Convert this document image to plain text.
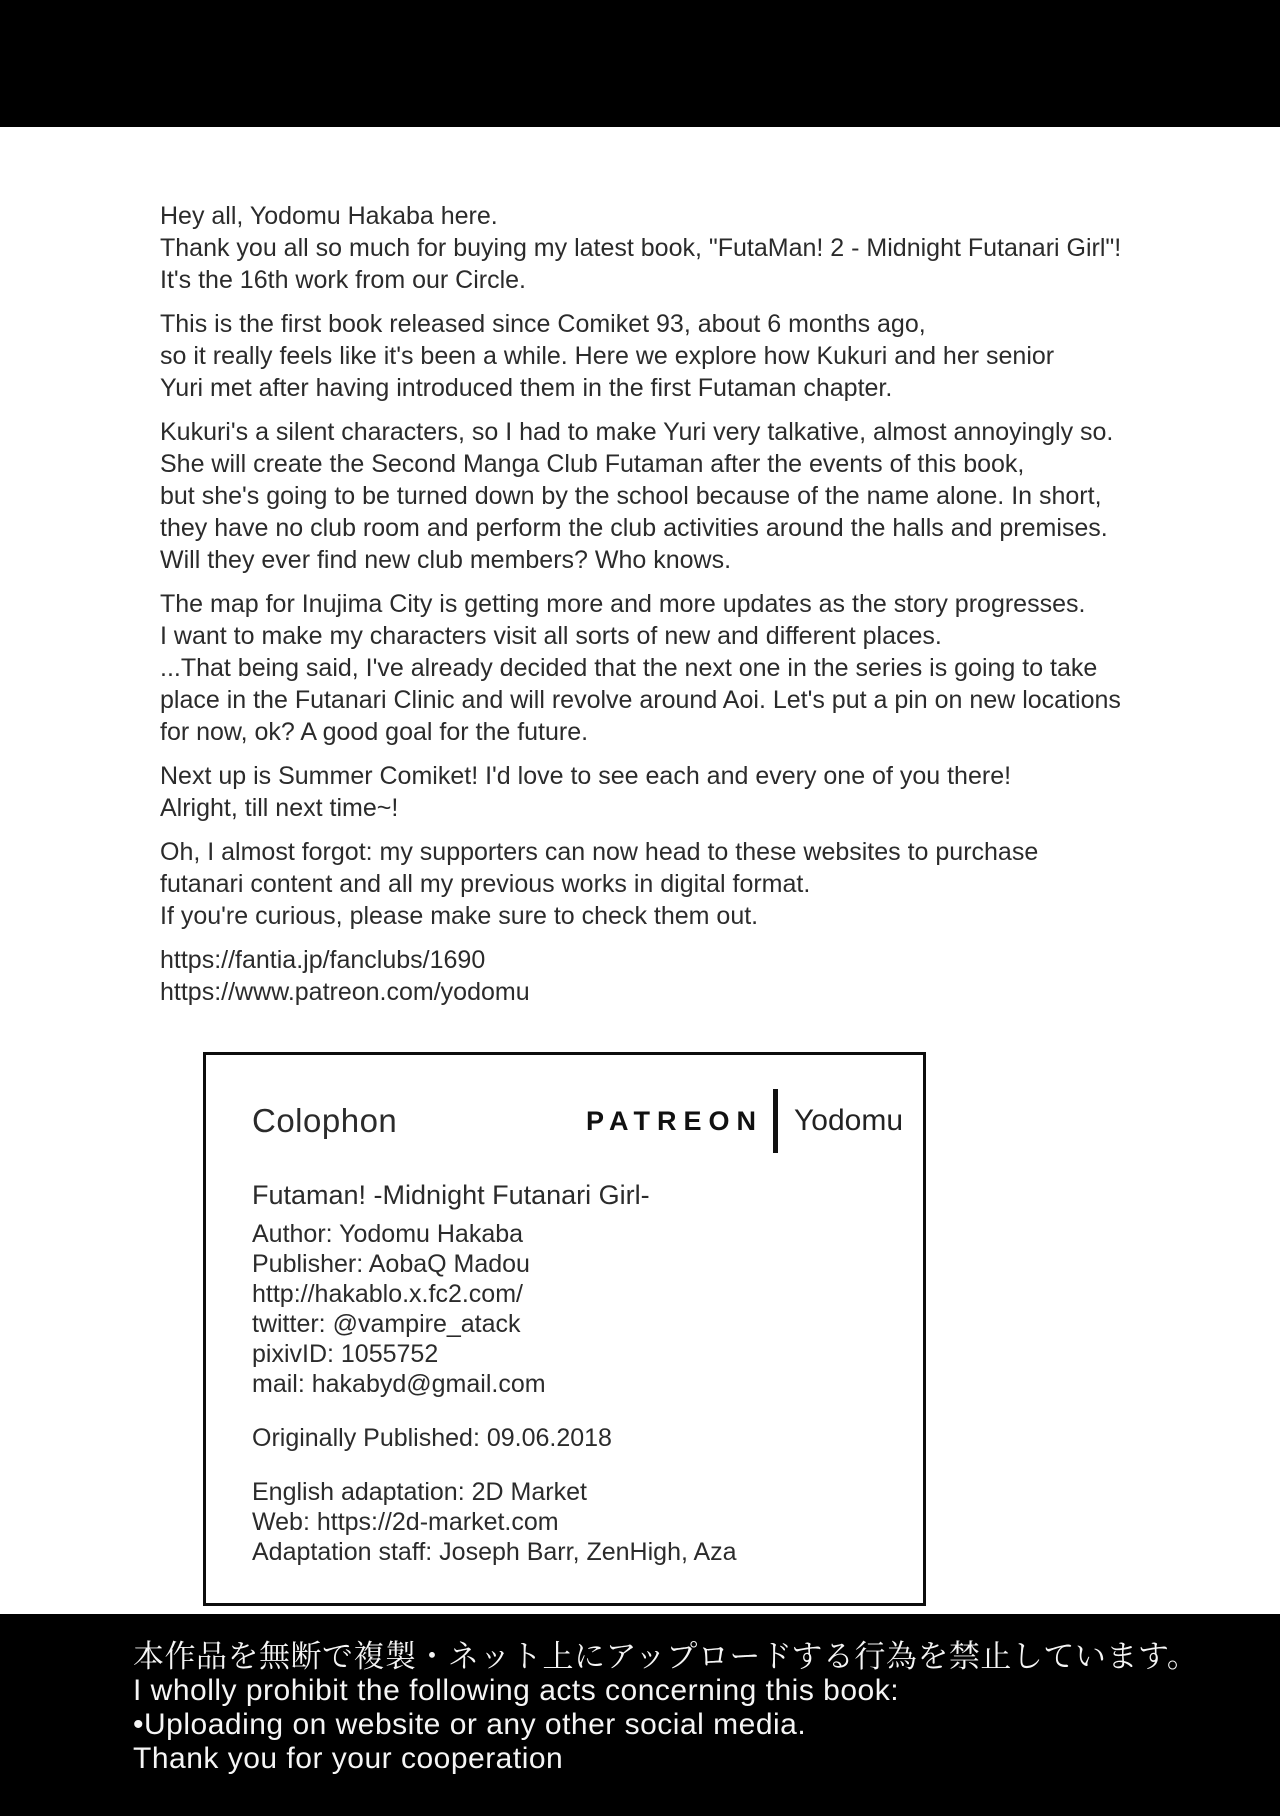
Hey all, Yodomu Hakaba here.
Thank you all so much for buying my latest book, "FutaMan! 2 - Midnight Futanari Girl"!
It's the 16th work from our Circle.

This is the first book released since Comiket 93, about 6 months ago,
so it really feels like it's been a while. Here we explore how Kukuri and her senior
Yuri met after having introduced them in the first Futaman chapter.

Kukuri's a silent characters, so I had to make Yuri very talkative, almost annoyingly so.
She will create the Second Manga Club Futaman after the events of this book,
but she's going to be turned down by the school because of the name alone. In short,
they have no club room and perform the club activities around the halls and premises.
Will they ever find new club members? Who knows.

The map for Inujima City is getting more and more updates as the story progresses.
I want to make my characters visit all sorts of new and different places.
...That being said, I've already decided that the next one in the series is going to take
place in the Futanari Clinic and will revolve around Aoi. Let's put a pin on new locations
for now, ok? A good goal for the future.

Next up is Summer Comiket! I'd love to see each and every one of you there!
Alright, till next time~!

Oh, I almost forgot: my supporters can now head to these websites to purchase
futanari content and all my previous works in digital format.
If you're curious, please make sure to check them out.

https://fantia.jp/fanclubs/1690
https://www.patreon.com/yodomu

Colophon	PATREON Yodomu
Futaman! -Midnight Futanari Girl-
Author: Yodomu Hakaba
Publisher: AobaQ Madou
http://hakablo.x.fc2.com/
twitter: @vampire_atack
pixivID: 1055752
mail: hakabyd@gmail.com
Originally Published: 09.06.2018
English adaptation: 2D Market
Web: https://2d-market.com
Adaptation staff: Joseph Barr, ZenHigh, Aza
本作品を無断で複製・ネット上にアップロードする行為を禁止しています。
I wholly prohibit the following acts concerning this book:
•Uploading on website or any other social media.
Thank you for your cooperation
